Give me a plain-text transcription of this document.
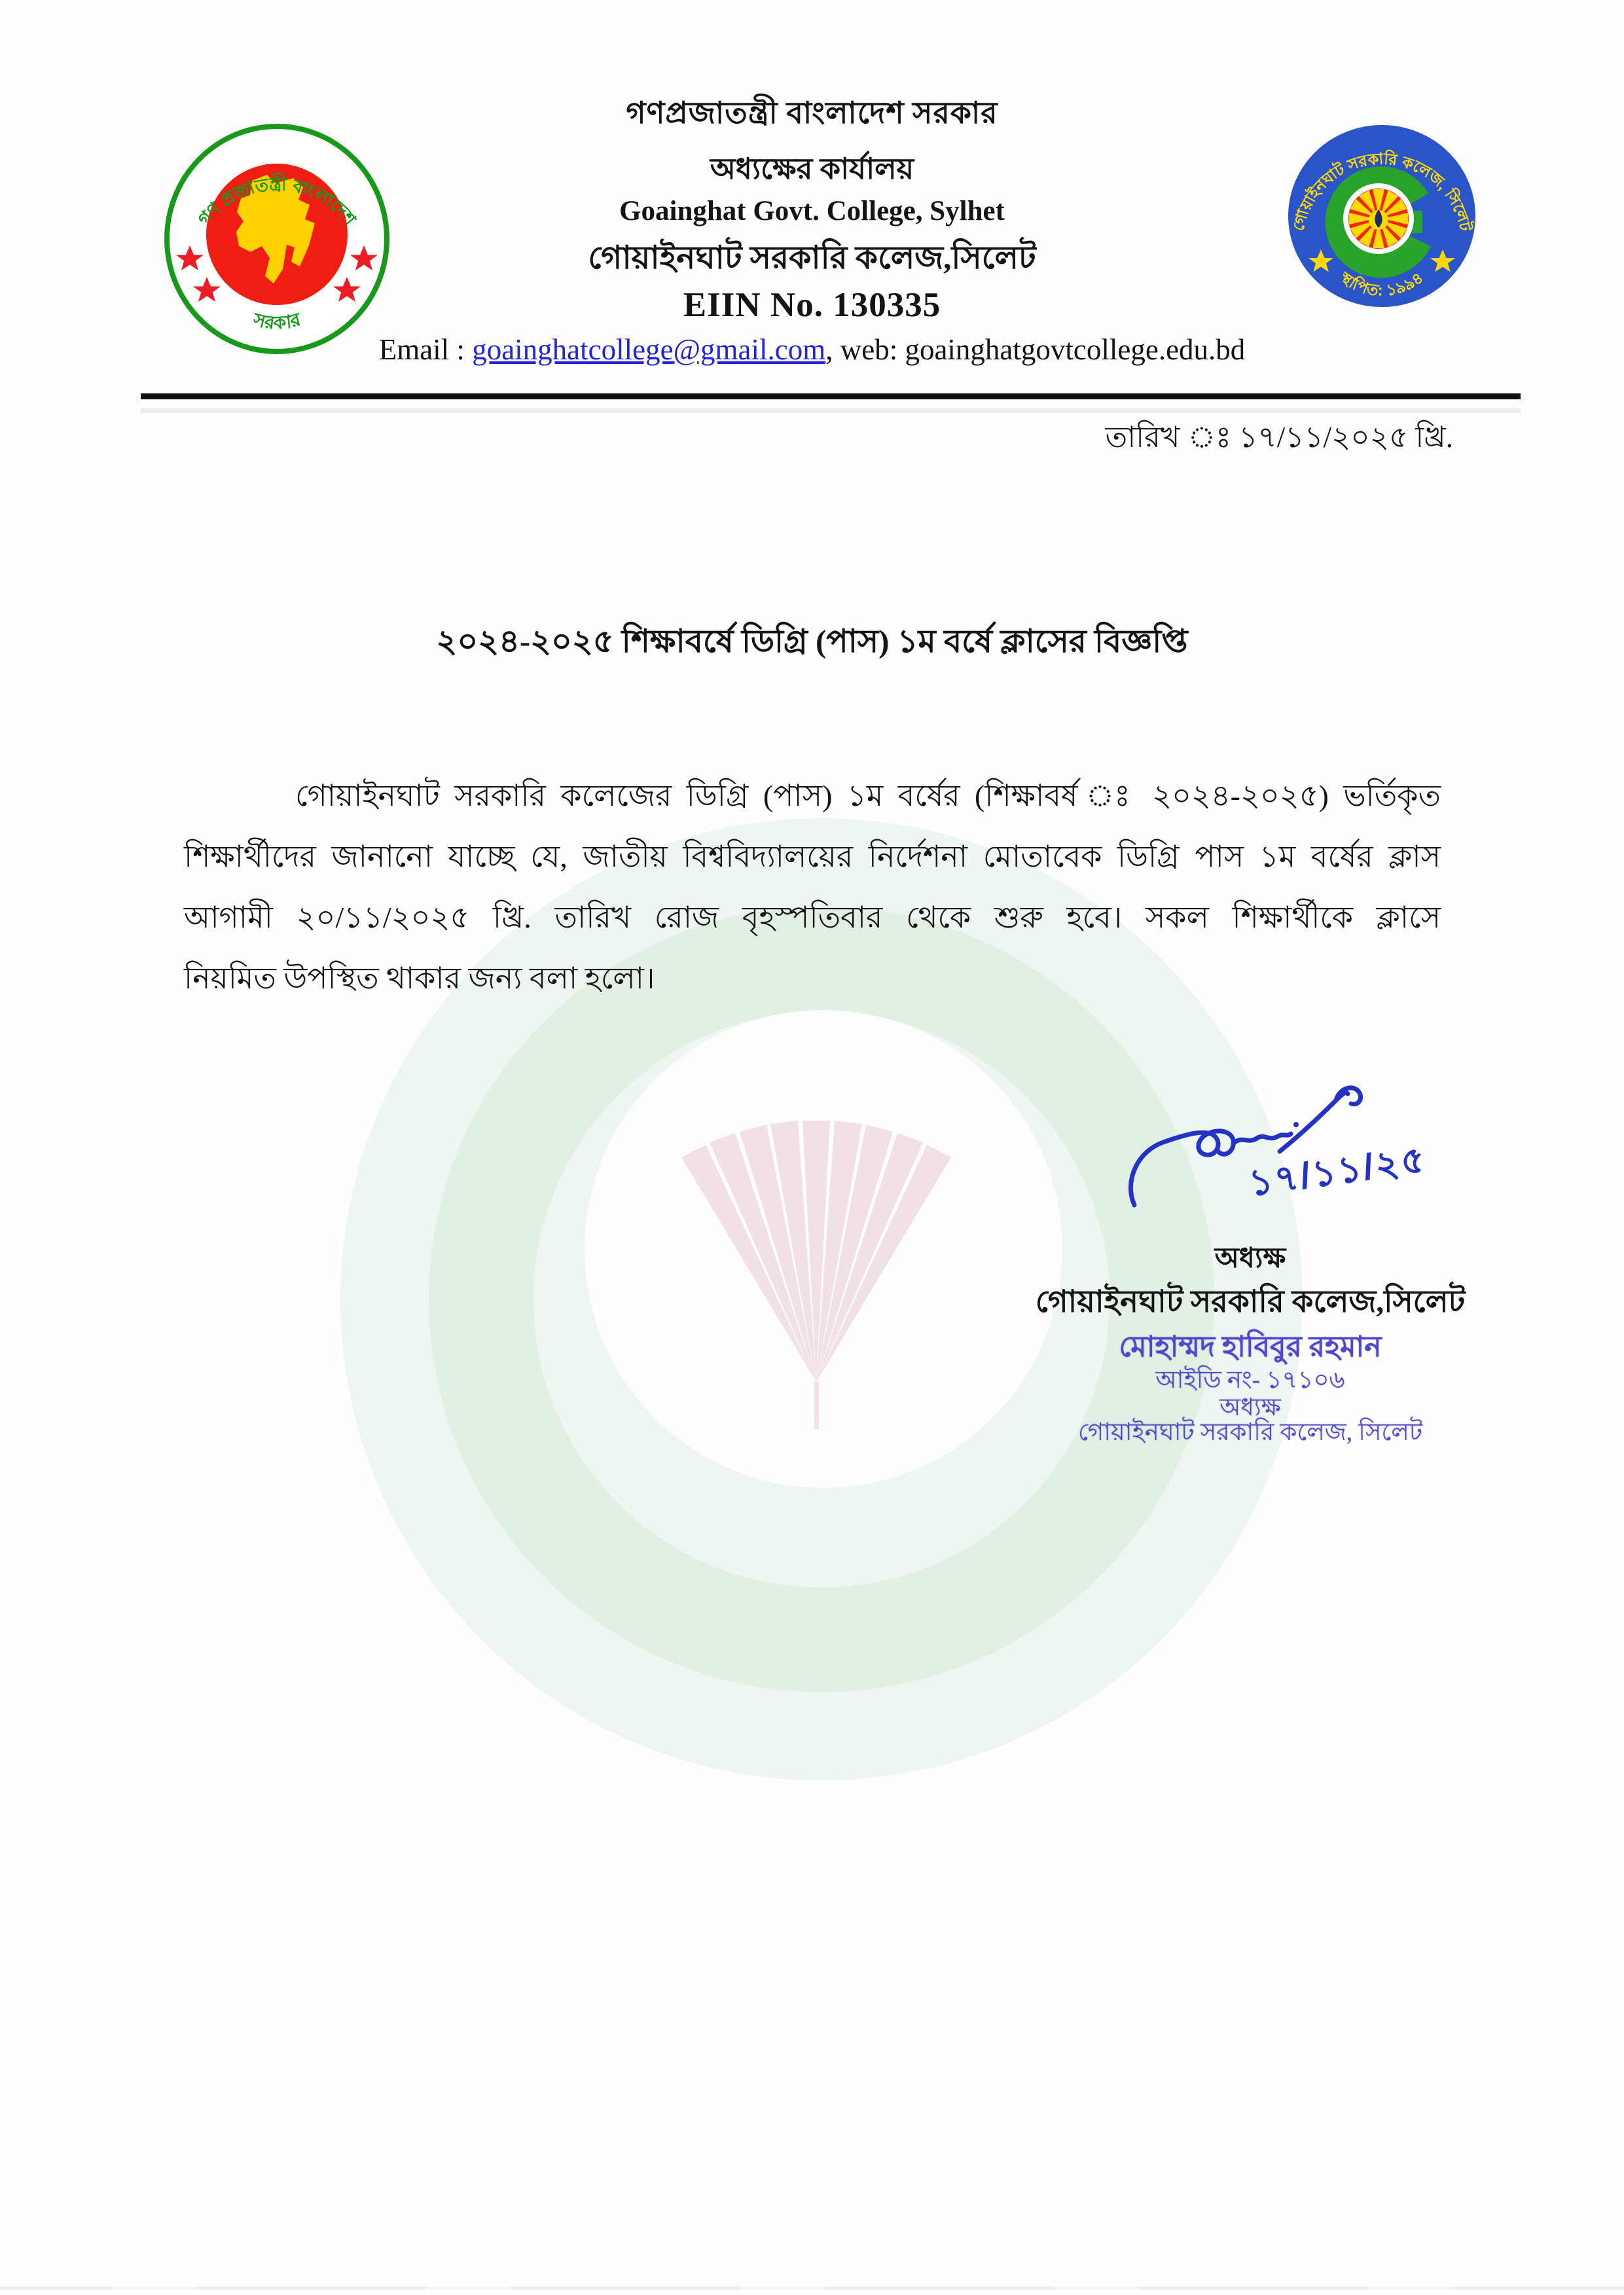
গণ প্রজাতন্ত্রী বাংলাদেশ
সরকার
গোয়াইনঘাট সরকারি কলেজ, সিলেট
স্থাপিত: ১৯৯৪
গণপ্রজাতন্ত্রী বাংলাদেশ সরকার
অধ্যক্ষের কার্যালয়
Goainghat Govt. College, Sylhet
গোয়াইনঘাট সরকারি কলেজ,সিলেট
EIIN No. 130335
Email : goainghatcollege@gmail.com, web: goainghatgovtcollege.edu.bd
তারিখ ঃ ১৭/১১/২০২৫ খ্রি.
২০২৪-২০২৫ শিক্ষাবর্ষে ডিগ্রি (পাস) ১ম বর্ষে ক্লাসের বিজ্ঞপ্তি
গোয়াইনঘাট সরকারি কলেজের ডিগ্রি (পাস) ১ম বর্ষের (শিক্ষাবর্ষ ঃ ২০২৪-২০২৫) ভর্তিকৃত
শিক্ষার্থীদের জানানো যাচ্ছে যে, জাতীয় বিশ্ববিদ্যালয়ের নির্দেশনা মোতাবেক ডিগ্রি পাস ১ম বর্ষের ক্লাস
আগামী ২০/১১/২০২৫ খ্রি. তারিখ রোজ বৃহস্পতিবার থেকে শুরু হবে। সকল শিক্ষার্থীকে ক্লাসে
নিয়মিত উপস্থিত থাকার জন্য বলা হলো।
১৭/১১/২৫
অধ্যক্ষ
গোয়াইনঘাট সরকারি কলেজ,সিলেট
মোহাম্মদ হাবিবুর রহমান
আইডি নং- ১৭১০৬
অধ্যক্ষ
গোয়াইনঘাট সরকারি কলেজ, সিলেট
